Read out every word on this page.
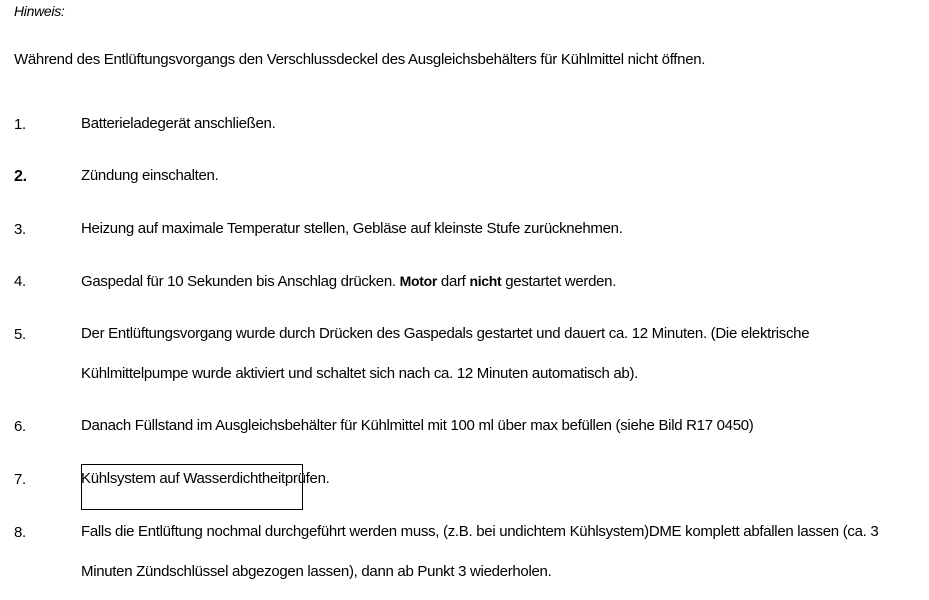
Hinweis:
Während des Entlüftungsvorgangs den Verschlussdeckel des Ausgleichsbehälters für Kühlmittel nicht öffnen.
1.	Batterieladegerät anschließen.
2.	Zündung einschalten.
3.	Heizung auf maximale Temperatur stellen, Gebläse auf kleinste Stufe zurücknehmen.
4.	Gaspedal für 10 Sekunden bis Anschlag drücken. Motor darf nicht gestartet werden.
5.	Der Entlüftungsvorgang wurde durch Drücken des Gaspedals gestartet und dauert ca. 12 Minuten. (Die elektrische Kühlmittelpumpe wurde aktiviert und schaltet sich nach ca. 12 Minuten automatisch ab).
6.	Danach Füllstand im Ausgleichsbehälter für Kühlmittel mit 100 ml über max befüllen (siehe Bild R17 0450)
7.	Kühlsystem auf Wasserdichtheitprüfen.
8.	Falls die Entlüftung nochmal durchgeführt werden muss, (z.B. bei undichtem Kühlsystem)DME komplett abfallen lassen (ca. 3 Minuten Zündschlüssel abgezogen lassen), dann ab Punkt 3 wiederholen.
